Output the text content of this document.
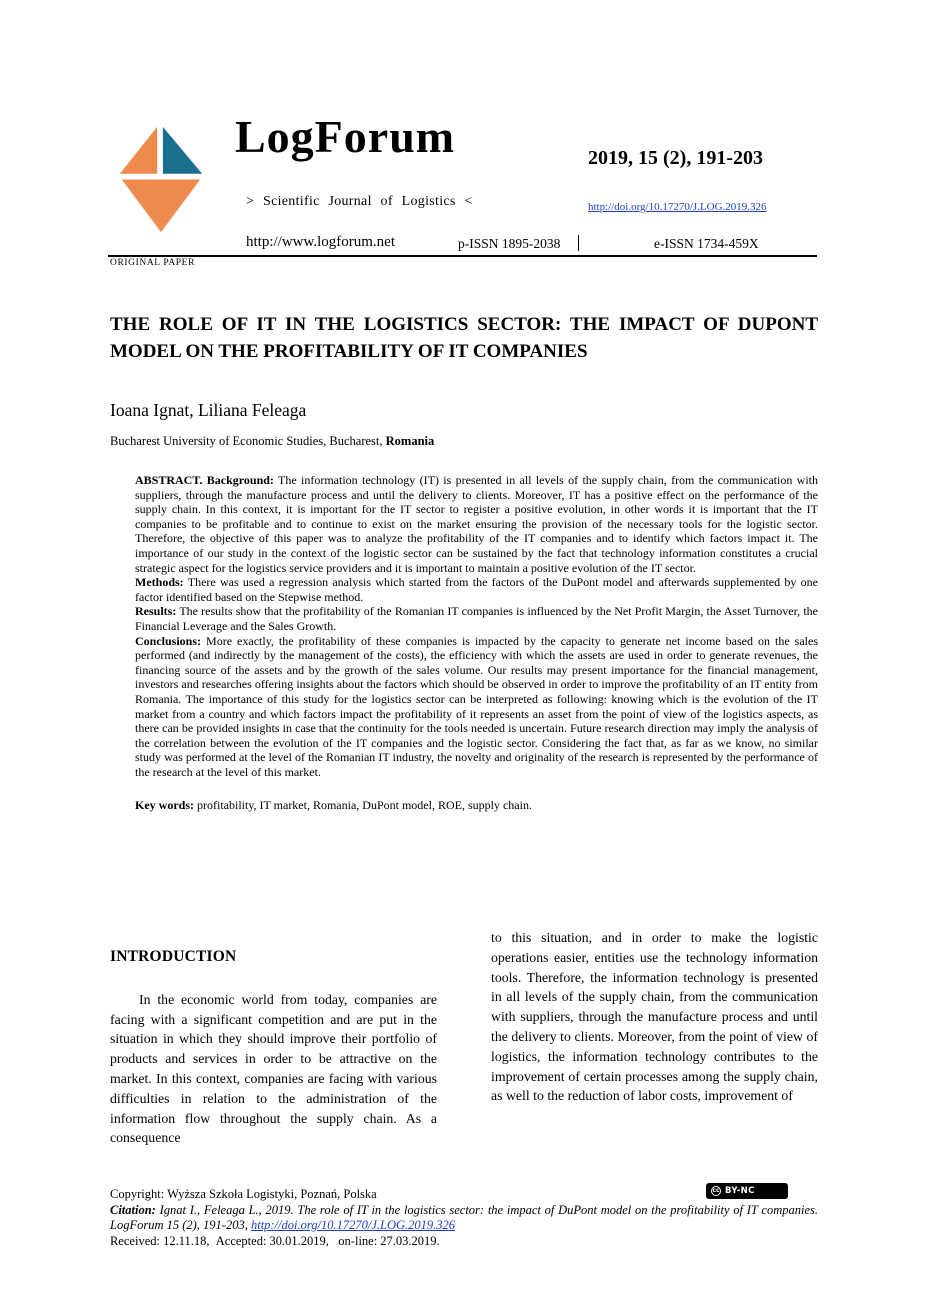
LogForum
> Scientific Journal of Logistics <
2019, 15 (2), 191-203
http://doi.org/10.17270/J.LOG.2019.326
http://www.logforum.net	p-ISSN 1895-2038	e-ISSN 1734-459X
ORIGINAL PAPER
THE ROLE OF IT IN THE LOGISTICS SECTOR: THE IMPACT OF DUPONT MODEL ON THE PROFITABILITY OF IT COMPANIES
Ioana Ignat, Liliana Feleaga
Bucharest University of Economic Studies, Bucharest, Romania

ABSTRACT. Background: The information technology (IT) is presented in all levels of the supply chain, from the communication with suppliers, through the manufacture process and until the delivery to clients. Moreover, IT has a positive effect on the performance of the supply chain. In this context, it is important for the IT sector to register a positive evolution, in other words it is important that the IT companies to be profitable and to continue to exist on the market ensuring the provision of the necessary tools for the logistic sector. Therefore, the objective of this paper was to analyze the profitability of the IT companies and to identify which factors impact it. The importance of our study in the context of the logistic sector can be sustained by the fact that technology information constitutes a crucial strategic aspect for the logistics service providers and it is important to maintain a positive evolution of the IT sector.

Methods: There was used a regression analysis which started from the factors of the DuPont model and afterwards supplemented by one factor identified based on the Stepwise method.

Results: The results show that the profitability of the Romanian IT companies is influenced by the Net Profit Margin, the Asset Turnover, the Financial Leverage and the Sales Growth.

Conclusions: More exactly, the profitability of these companies is impacted by the capacity to generate net income based on the sales performed (and indirectly by the management of the costs), the efficiency with which the assets are used in order to generate revenues, the financing source of the assets and by the growth of the sales volume. Our results may present importance for the financial management, investors and researches offering insights about the factors which should be observed in order to improve the profitability of an IT entity from Romania. The importance of this study for the logistics sector can be interpreted as following: knowing which is the evolution of the IT market from a country and which factors impact the profitability of it represents an asset from the point of view of the logistics aspects, as there can be provided insights in case that the continuity for the tools needed is uncertain. Future research direction may imply the analysis of the correlation between the evolution of the IT companies and the logistic sector. Considering the fact that, as far as we know, no similar study was performed at the level of the Romanian IT industry, the novelty and originality of the research is represented by the performance of the research at the level of this market.

Key words: profitability, IT market, Romania, DuPont model, ROE, supply chain.

INTRODUCTION

In the economic world from today, companies are facing with a significant competition and are put in the situation in which they should improve their portfolio of products and services in order to be attractive on the market. In this context, companies are facing with various difficulties in relation to the administration of the information flow throughout the supply chain. As a consequence

to this situation, and in order to make the logistic operations easier, entities use the technology information tools. Therefore, the information technology is presented in all levels of the supply chain, from the communication with suppliers, through the manufacture process and until the delivery to clients. Moreover, from the point of view of logistics, the information technology contributes to the improvement of certain processes among the supply chain, as well to the reduction of labor costs, improvement of

Copyright: Wyższa Szkoła Logistyki, Poznań, Polska
Citation: Ignat I., Feleaga L., 2019. The role of IT in the logistics sector: the impact of DuPont model on the profitability of IT companies. LogForum 15 (2), 191-203, http://doi.org/10.17270/J.LOG.2019.326
Received: 12.11.18,  Accepted: 30.01.2019,   on-line: 27.03.2019.
cc BY-NC
